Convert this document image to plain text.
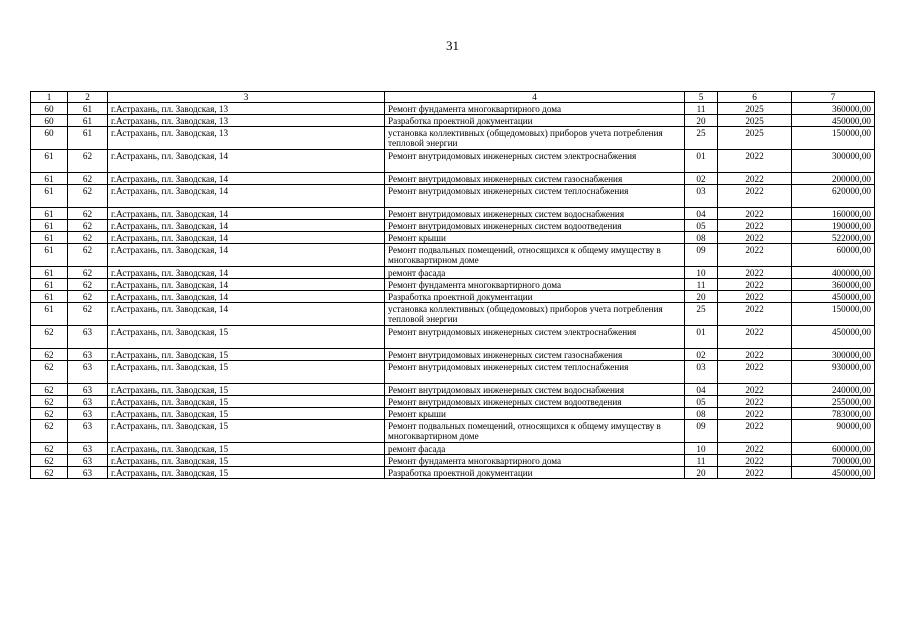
31
1	2	3	4	5	6	7
60	61	г.Астрахань, пл. Заводская, 13	Ремонт фундамента многоквартирного дома	11	2025	360000,00
60	61	г.Астрахань, пл. Заводская, 13	Разработка проектной документации	20	2025	450000,00
60	61	г.Астрахань, пл. Заводская, 13	установка коллективных (общедомовых) приборов учета потребления тепловой энергии	25	2025	150000,00
61	62	г.Астрахань, пл. Заводская, 14	Ремонт внутридомовых инженерных систем электроснабжения	01	2022	300000,00
61	62	г.Астрахань, пл. Заводская, 14	Ремонт внутридомовых инженерных систем газоснабжения	02	2022	200000,00
61	62	г.Астрахань, пл. Заводская, 14	Ремонт внутридомовых инженерных систем теплоснабжения	03	2022	620000,00
61	62	г.Астрахань, пл. Заводская, 14	Ремонт внутридомовых инженерных систем водоснабжения	04	2022	160000,00
61	62	г.Астрахань, пл. Заводская, 14	Ремонт внутридомовых инженерных систем водоотведения	05	2022	190000,00
61	62	г.Астрахань, пл. Заводская, 14	Ремонт крыши	08	2022	522000,00
61	62	г.Астрахань, пл. Заводская, 14	Ремонт подвальных помещений, относящихся к общему имуществу в многоквартирном доме	09	2022	60000,00
61	62	г.Астрахань, пл. Заводская, 14	ремонт фасада	10	2022	400000,00
61	62	г.Астрахань, пл. Заводская, 14	Ремонт фундамента многоквартирного дома	11	2022	360000,00
61	62	г.Астрахань, пл. Заводская, 14	Разработка проектной документации	20	2022	450000,00
61	62	г.Астрахань, пл. Заводская, 14	установка коллективных (общедомовых) приборов учета потребления тепловой энергии	25	2022	150000,00
62	63	г.Астрахань, пл. Заводская, 15	Ремонт внутридомовых инженерных систем электроснабжения	01	2022	450000,00
62	63	г.Астрахань, пл. Заводская, 15	Ремонт внутридомовых инженерных систем газоснабжения	02	2022	300000,00
62	63	г.Астрахань, пл. Заводская, 15	Ремонт внутридомовых инженерных систем теплоснабжения	03	2022	930000,00
62	63	г.Астрахань, пл. Заводская, 15	Ремонт внутридомовых инженерных систем водоснабжения	04	2022	240000,00
62	63	г.Астрахань, пл. Заводская, 15	Ремонт внутридомовых инженерных систем водоотведения	05	2022	255000,00
62	63	г.Астрахань, пл. Заводская, 15	Ремонт крыши	08	2022	783000,00
62	63	г.Астрахань, пл. Заводская, 15	Ремонт подвальных помещений, относящихся к общему имуществу в многоквартирном доме	09	2022	90000,00
62	63	г.Астрахань, пл. Заводская, 15	ремонт фасада	10	2022	600000,00
62	63	г.Астрахань, пл. Заводская, 15	Ремонт фундамента многоквартирного дома	11	2022	700000,00
62	63	г.Астрахань, пл. Заводская, 15	Разработка проектной документации	20	2022	450000,00
